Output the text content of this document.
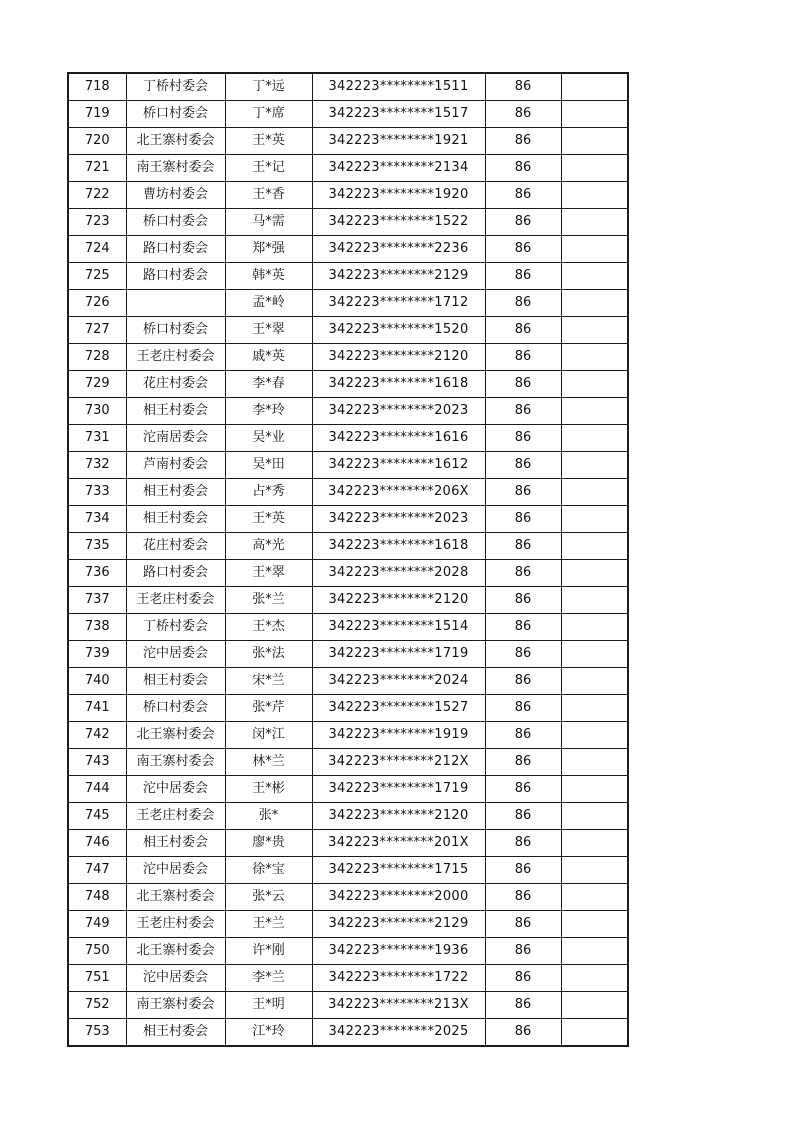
718	丁桥村委会	丁*远	342223********1511	86	
719	桥口村委会	丁*席	342223********1517	86	
720	北王寨村委会	王*英	342223********1921	86	
721	南王寨村委会	王*记	342223********2134	86	
722	曹坊村委会	王*香	342223********1920	86	
723	桥口村委会	马*需	342223********1522	86	
724	路口村委会	郑*强	342223********2236	86	
725	路口村委会	韩*英	342223********2129	86	
726		孟*岭	342223********1712	86	
727	桥口村委会	王*翠	342223********1520	86	
728	王老庄村委会	戚*英	342223********2120	86	
729	花庄村委会	李*春	342223********1618	86	
730	相王村委会	李*玲	342223********2023	86	
731	沱南居委会	吴*业	342223********1616	86	
732	芦南村委会	吴*田	342223********1612	86	
733	相王村委会	占*秀	342223********206X	86	
734	相王村委会	王*英	342223********2023	86	
735	花庄村委会	高*光	342223********1618	86	
736	路口村委会	王*翠	342223********2028	86	
737	王老庄村委会	张*兰	342223********2120	86	
738	丁桥村委会	王*杰	342223********1514	86	
739	沱中居委会	张*法	342223********1719	86	
740	相王村委会	宋*兰	342223********2024	86	
741	桥口村委会	张*芹	342223********1527	86	
742	北王寨村委会	闵*江	342223********1919	86	
743	南王寨村委会	林*兰	342223********212X	86	
744	沱中居委会	王*彬	342223********1719	86	
745	王老庄村委会	张*	342223********2120	86	
746	相王村委会	廖*贵	342223********201X	86	
747	沱中居委会	徐*宝	342223********1715	86	
748	北王寨村委会	张*云	342223********2000	86	
749	王老庄村委会	王*兰	342223********2129	86	
750	北王寨村委会	许*刚	342223********1936	86	
751	沱中居委会	李*兰	342223********1722	86	
752	南王寨村委会	王*明	342223********213X	86	
753	相王村委会	江*玲	342223********2025	86	
